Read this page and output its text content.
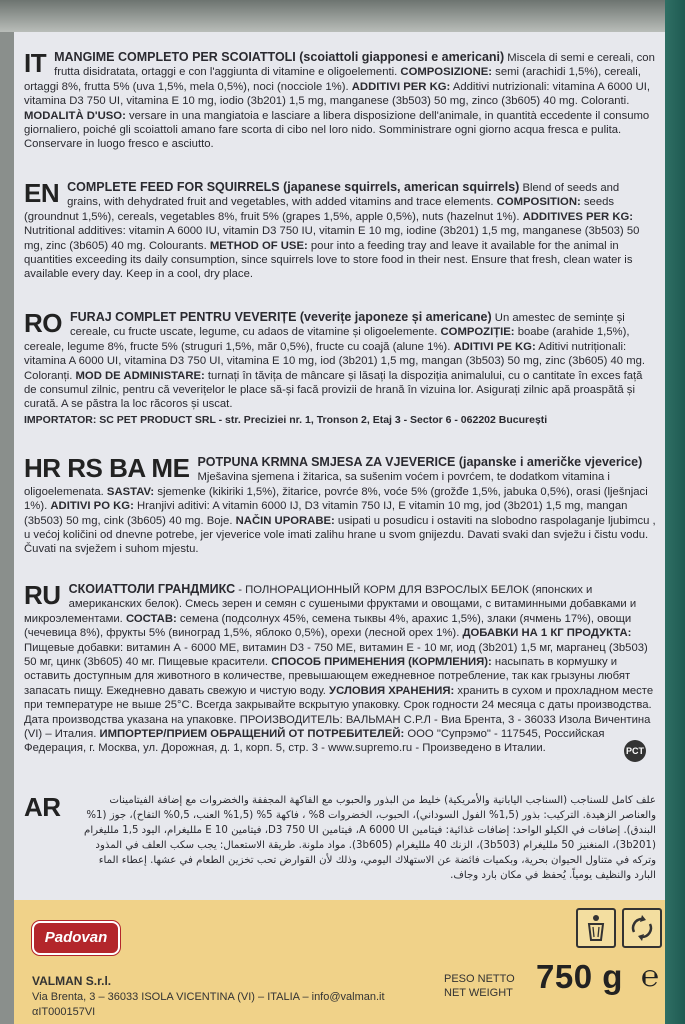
IT MANGIME COMPLETO PER SCOIATTOLI (scoiattoli giapponesi e americani) Miscela di semi e cereali, con frutta disidratata, ortaggi e con l'aggiunta di vitamine e oligoelementi. COMPOSIZIONE: semi (arachidi 1,5%), cereali, ortaggi 8%, frutta 5% (uva 1,5%, mela 0,5%), noci (nocciole 1%). ADDITIVI PER KG: Additivi nutrizionali: vitamina A 6000 UI, vitamina D3 750 UI, vitamina E 10 mg, iodio (3b201) 1,5 mg, manganese (3b503) 50 mg, zinco (3b605) 40 mg. Coloranti. MODALITÀ D'USO: versare in una mangiatoia e lasciare a libera disposizione dell'animale, in quantità eccedente il consumo giornaliero, poiché gli scoiattoli amano fare scorta di cibo nel loro nido. Somministrare ogni giorno acqua fresca e pulita. Conservare in luogo fresco e asciutto.
EN COMPLETE FEED FOR SQUIRRELS (japanese squirrels, american squirrels) Blend of seeds and grains, with dehydrated fruit and vegetables, with added vitamins and trace elements. COMPOSITION: seeds (groundnut 1,5%), cereals, vegetables 8%, fruit 5% (grapes 1,5%, apple 0,5%), nuts (hazelnut 1%). ADDITIVES PER KG: Nutritional additives: vitamin A 6000 IU, vitamin D3 750 IU, vitamin E 10 mg, iodine (3b201) 1,5 mg, manganese (3b503) 50 mg, zinc (3b605) 40 mg. Colourants. METHOD OF USE: pour into a feeding tray and leave it available for the animal in quantities exceeding its daily consumption, since squirrels love to store food in their nest. Ensure that fresh, clean water is available every day. Keep in a cool, dry place.
RO FURAJ COMPLET PENTRU VEVERIȚE (veverițe japoneze și americane) Un amestec de semințe și cereale, cu fructe uscate, legume, cu adaos de vitamine și oligoelemente. COMPOZIȚIE: boabe (arahide 1,5%), cereale, legume 8%, fructe 5% (struguri 1,5%, măr 0,5%), fructe cu coajă (alune 1%). ADITIVI PE KG: Aditivi nutriționali: vitamina A 6000 UI, vitamina D3 750 UI, vitamina E 10 mg, iod (3b201) 1,5 mg, mangan (3b503) 50 mg, zinc (3b605) 40 mg. Coloranți. MOD DE ADMINISTARE: turnați în tăvița de mâncare și lăsați la dispoziția animalului, cu o cantitate în exces față de consumul zilnic, pentru că veverițelor le place să-și facă provizii de hrană în vizuina lor. Asigurați zilnic apă proaspătă și curată. A se păstra la loc răcoros și uscat.
IMPORTATOR: SC PET PRODUCT SRL - str. Preciziei nr. 1, Tronson 2, Etaj 3 - Sector 6 - 062202 București
HR RS BA ME POTPUNA KRMNA SMJESA ZA VJEVERICE (japanske i američke vjeverice) Mješavina sjemena i žitarica, sa sušenim voćem i povrćem, te dodatkom vitamina i oligoelemenata. SASTAV: sjemenke (kikiriki 1,5%), žitarice, povrće 8%, voće 5% (grožđe 1,5%, jabuka 0,5%), orasi (lješnjaci 1%). ADITIVI PO KG: Hranjivi aditivi: A vitamin 6000 IJ, D3 vitamin 750 IJ, E vitamin 10 mg, jod (3b201) 1,5 mg, mangan (3b503) 50 mg, cink (3b605) 40 mg. Boje. NAČIN UPORABE: usipati u posudicu i ostaviti na slobodno raspolaganje ljubimcu , u većoj količini od dnevne potrebe, jer vjeverice vole imati zalihu hrane u svom gnijezdu. Davati svaki dan svježu i čistu vodu. Čuvati na svježem i suhom mjestu.
RU СКОИАТТОЛИ ГРАНДМИКС - ПОЛНОРАЦИОННЫЙ КОРМ ДЛЯ ВЗРОСЛЫХ БЕЛОК (японских и американских белок). Смесь зерен и семян с сушеными фруктами и овощами, с витаминными добавками и микроэлементами. СОСТАВ: семена (подсолнух 45%, семена тыквы 4%, арахис 1,5%), злаки (ячмень 17%), овощи (чечевица 8%), фрукты 5% (виноград 1,5%, яблоко 0,5%), орехи (лесной орех 1%). ДОБАВКИ НА 1 КГ ПРОДУКТА: Пищевые добавки: витамин А - 6000 МЕ, витамин D3 - 750 МЕ, витамин Е - 10 мг, иод (3b201) 1,5 мг, марганец (3b503) 50 мг, цинк (3b605) 40 мг. Пищевые красители. СПОСОБ ПРИМЕНЕНИЯ (КОРМЛЕНИЯ): насыпать в кормушку и оставить доступным для животного в количестве, превышающем ежедневное потребление, так как грызуны любят запасать пищу. Ежедневно давать свежую и чистую воду. УСЛОВИЯ ХРАНЕНИЯ: хранить в сухом и прохладном месте при температуре не выше 25°C. Всегда закрывайте вскрытую упаковку. Срок годности 24 месяца с даты производства. Дата производства указана на упаковке. ПРОИЗВОДИТЕЛЬ: ВАЛЬМАН С.Р.Л - Виа Брента, 3 - 36033 Изола Вичентина (VI) – Италия. ИМПОРТЕР/ПРИЕМ ОБРАЩЕНИЙ ОТ ПОТРЕБИТЕЛЕЙ: ООО "Супрэмо" - 117545, Российская Федерация, г. Москва, ул. Дорожная, д. 1, корп. 5, стр. 3 - www.supremo.ru - Произведено в Италии.	PCT
AR	علف كامل للسناجب (السناجب اليابانية والأمريكية) خليط من البذور والحبوب مع الفاكهة المجففة والخضروات مع إضافة الفيتامينات والعناصر الزهيدة. التركيب: بذور (1,5% الفول السوداني)، الحبوب، الخضروات 8% ، فاكهة 5% (1,5% العنب، 0,5% التفاح)، جوز (1% البندق). إضافات في الكيلو الواحد: إضافات غذائية: فيتامين A 6000 UI، فيتامين D3 750 UI، فيتامين E 10 ملليغرام، اليود 1,5 ملليغرام (3b201)، المنغنيز 50 ملليغرام (3b503)، الزنك 40 ملليغرام (3b605). مواد ملونة. طريقة الاستعمال: يجب سكب العلف في المذود وتركه في متناول الحيوان بحرية، وبكميات فائضة عن الاستهلاك اليومي، وذلك لأن القوارض تحب تخزين الطعام في عشها. إعطاء الماء البارد والنظيف يومياً. يُحفظ في مكان بارد وجاف.
Padovan
VALMAN S.r.l.
Via Brenta, 3 – 36033 ISOLA VICENTINA (VI) – ITALIA – info@valman.it
αIT000157VI
PESO NETTO
NET WEIGHT 750 g ℮
